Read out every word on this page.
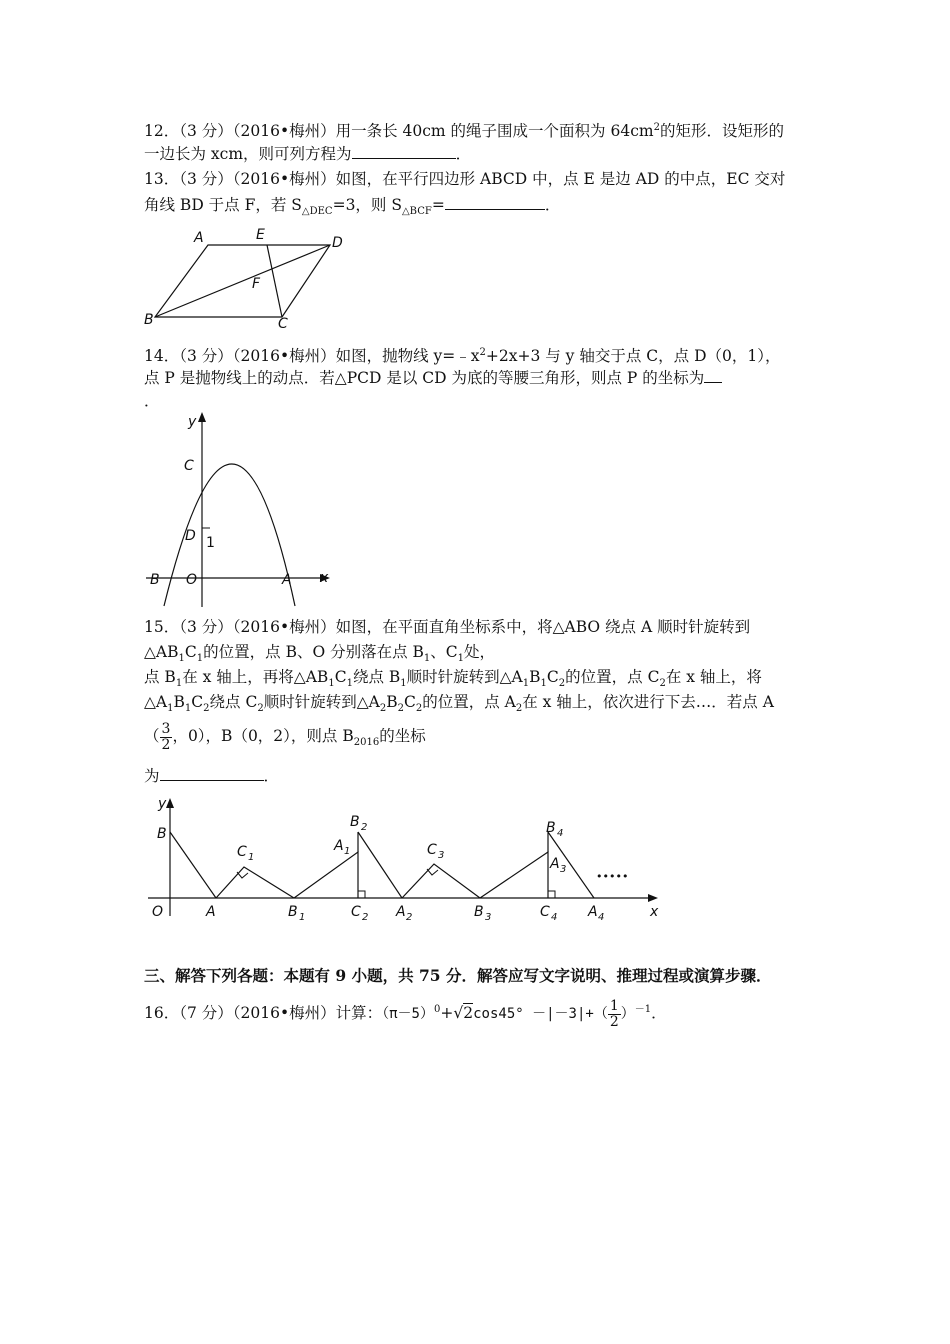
12．（3 分）（2016•梅州）用一条长 40cm 的绳子围成一个面积为 $64cm^2$的矩形．设矩形的
一边长为 xcm，则可列方程为	．
13．（3 分）（2016•梅州）如图，在平行四边形 ABCD 中，点 E 是边 AD 的中点，EC 交对
角线 BD 于点 F，若 $S_{\triangle DEC}=3$，则 $S_{\triangle BCF}=$	．
A	E	D
F
B	C
14．（3 分）（2016•梅州）如图，抛物线 $y=﹣x^2+2x+3$ 与 y 轴交于点 C，点 D（0，1），
点 P 是抛物线上的动点．若△PCD 是以 CD 为底的等腰三角形，则点 P 的坐标为
．
y
x
C
D 1
B O	A
15．（3 分）（2016•梅州）如图，在平面直角坐标系中，将△ABO 绕点 A 顺时针旋转到
$\triangle AB_1C_1$的位置，点 B、O 分别落在点 $B_1$、$C_1$处，
点 $B_1$在 x 轴上，再将$\triangle AB_1C_1$绕点 $B_1$顺时针旋转到$\triangle A_1B_1C_2$的位置，点 $C_2$在 x 轴上，将
$\triangle A_1B_1C_2$绕点 $C_2$顺时针旋转到$\triangle A_2B_2C_2$的位置，点 $A_2$在 x 轴上，依次进行下去…．若点 A
（ $\frac{3}{2}$ ，0），B（0，2），则点 $B_{2016}$的坐标
为	．
•••••
y
x
B
O	A
C 1
B 1
A 1
B 2
C 2 A 2
C 3
B 3
B 4
A 3
C 4 A 4
三、解答下列各题：本题有 9 小题，共 75 分．解答应写文字说明、推理过程或演算步骤．
16．（7 分）（2016•梅州）计算：$(\pi-5)^0+√2\cos 45^\circ -|-3|+( \frac{1}{2} )^{-1}$．
